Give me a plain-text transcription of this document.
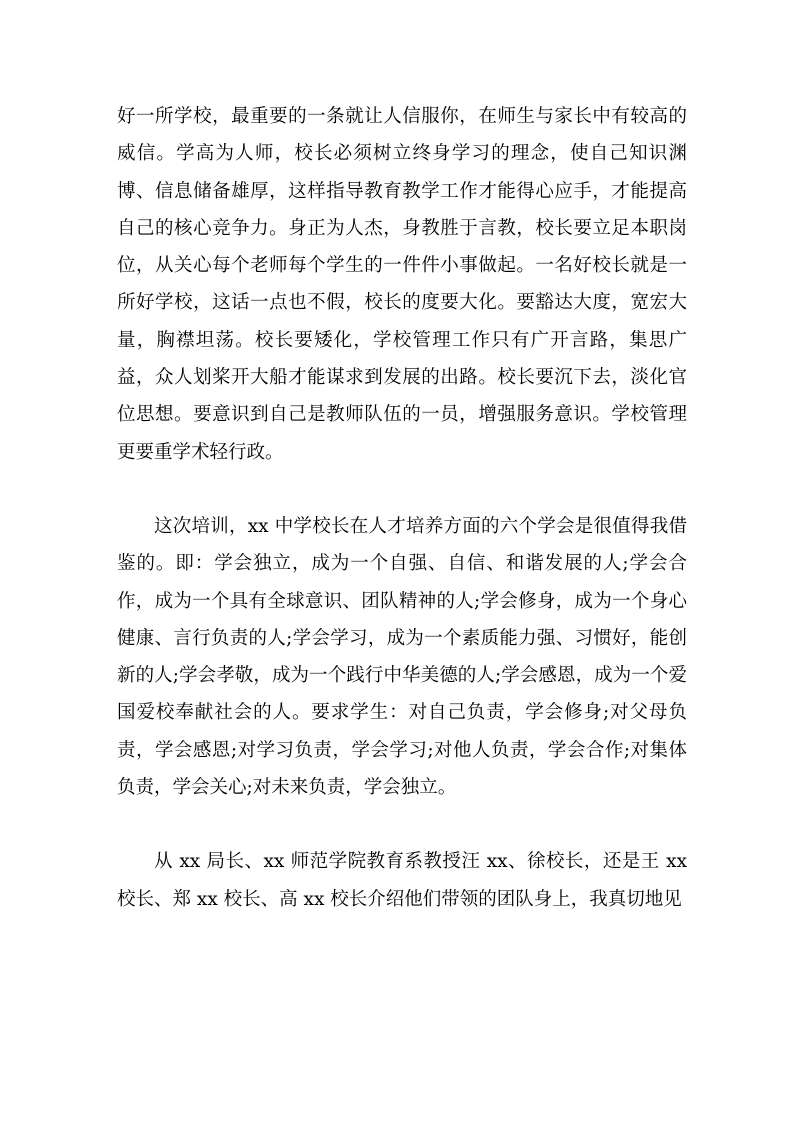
好一所学校，最重要的一条就让人信服你，在师生与家长中有较高的威信。学高为人师，校长必须树立终身学习的理念，使自己知识渊博、信息储备雄厚，这样指导教育教学工作才能得心应手，才能提高自己的核心竞争力。身正为人杰，身教胜于言教，校长要立足本职岗位，从关心每个老师每个学生的一件件小事做起。一名好校长就是一所好学校，这话一点也不假，校长的度要大化。要豁达大度，宽宏大量，胸襟坦荡。校长要矮化，学校管理工作只有广开言路，集思广益，众人划桨开大船才能谋求到发展的出路。校长要沉下去，淡化官位思想。要意识到自己是教师队伍的一员，增强服务意识。学校管理更要重学术轻行政。

这次培训，xx 中学校长在人才培养方面的六个学会是很值得我借鉴的。即：学会独立，成为一个自强、自信、和谐发展的人;学会合作，成为一个具有全球意识、团队精神的人;学会修身，成为一个身心健康、言行负责的人;学会学习，成为一个素质能力强、习惯好，能创新的人;学会孝敬，成为一个践行中华美德的人;学会感恩，成为一个爱国爱校奉献社会的人。要求学生：对自己负责，学会修身;对父母负责，学会感恩;对学习负责，学会学习;对他人负责，学会合作;对集体负责，学会关心;对未来负责，学会独立。

从 xx 局长、xx 师范学院教育系教授汪 xx、徐校长，还是王 xx 校长、郑 xx 校长、高 xx 校长介绍他们带领的团队身上，我真切地见
